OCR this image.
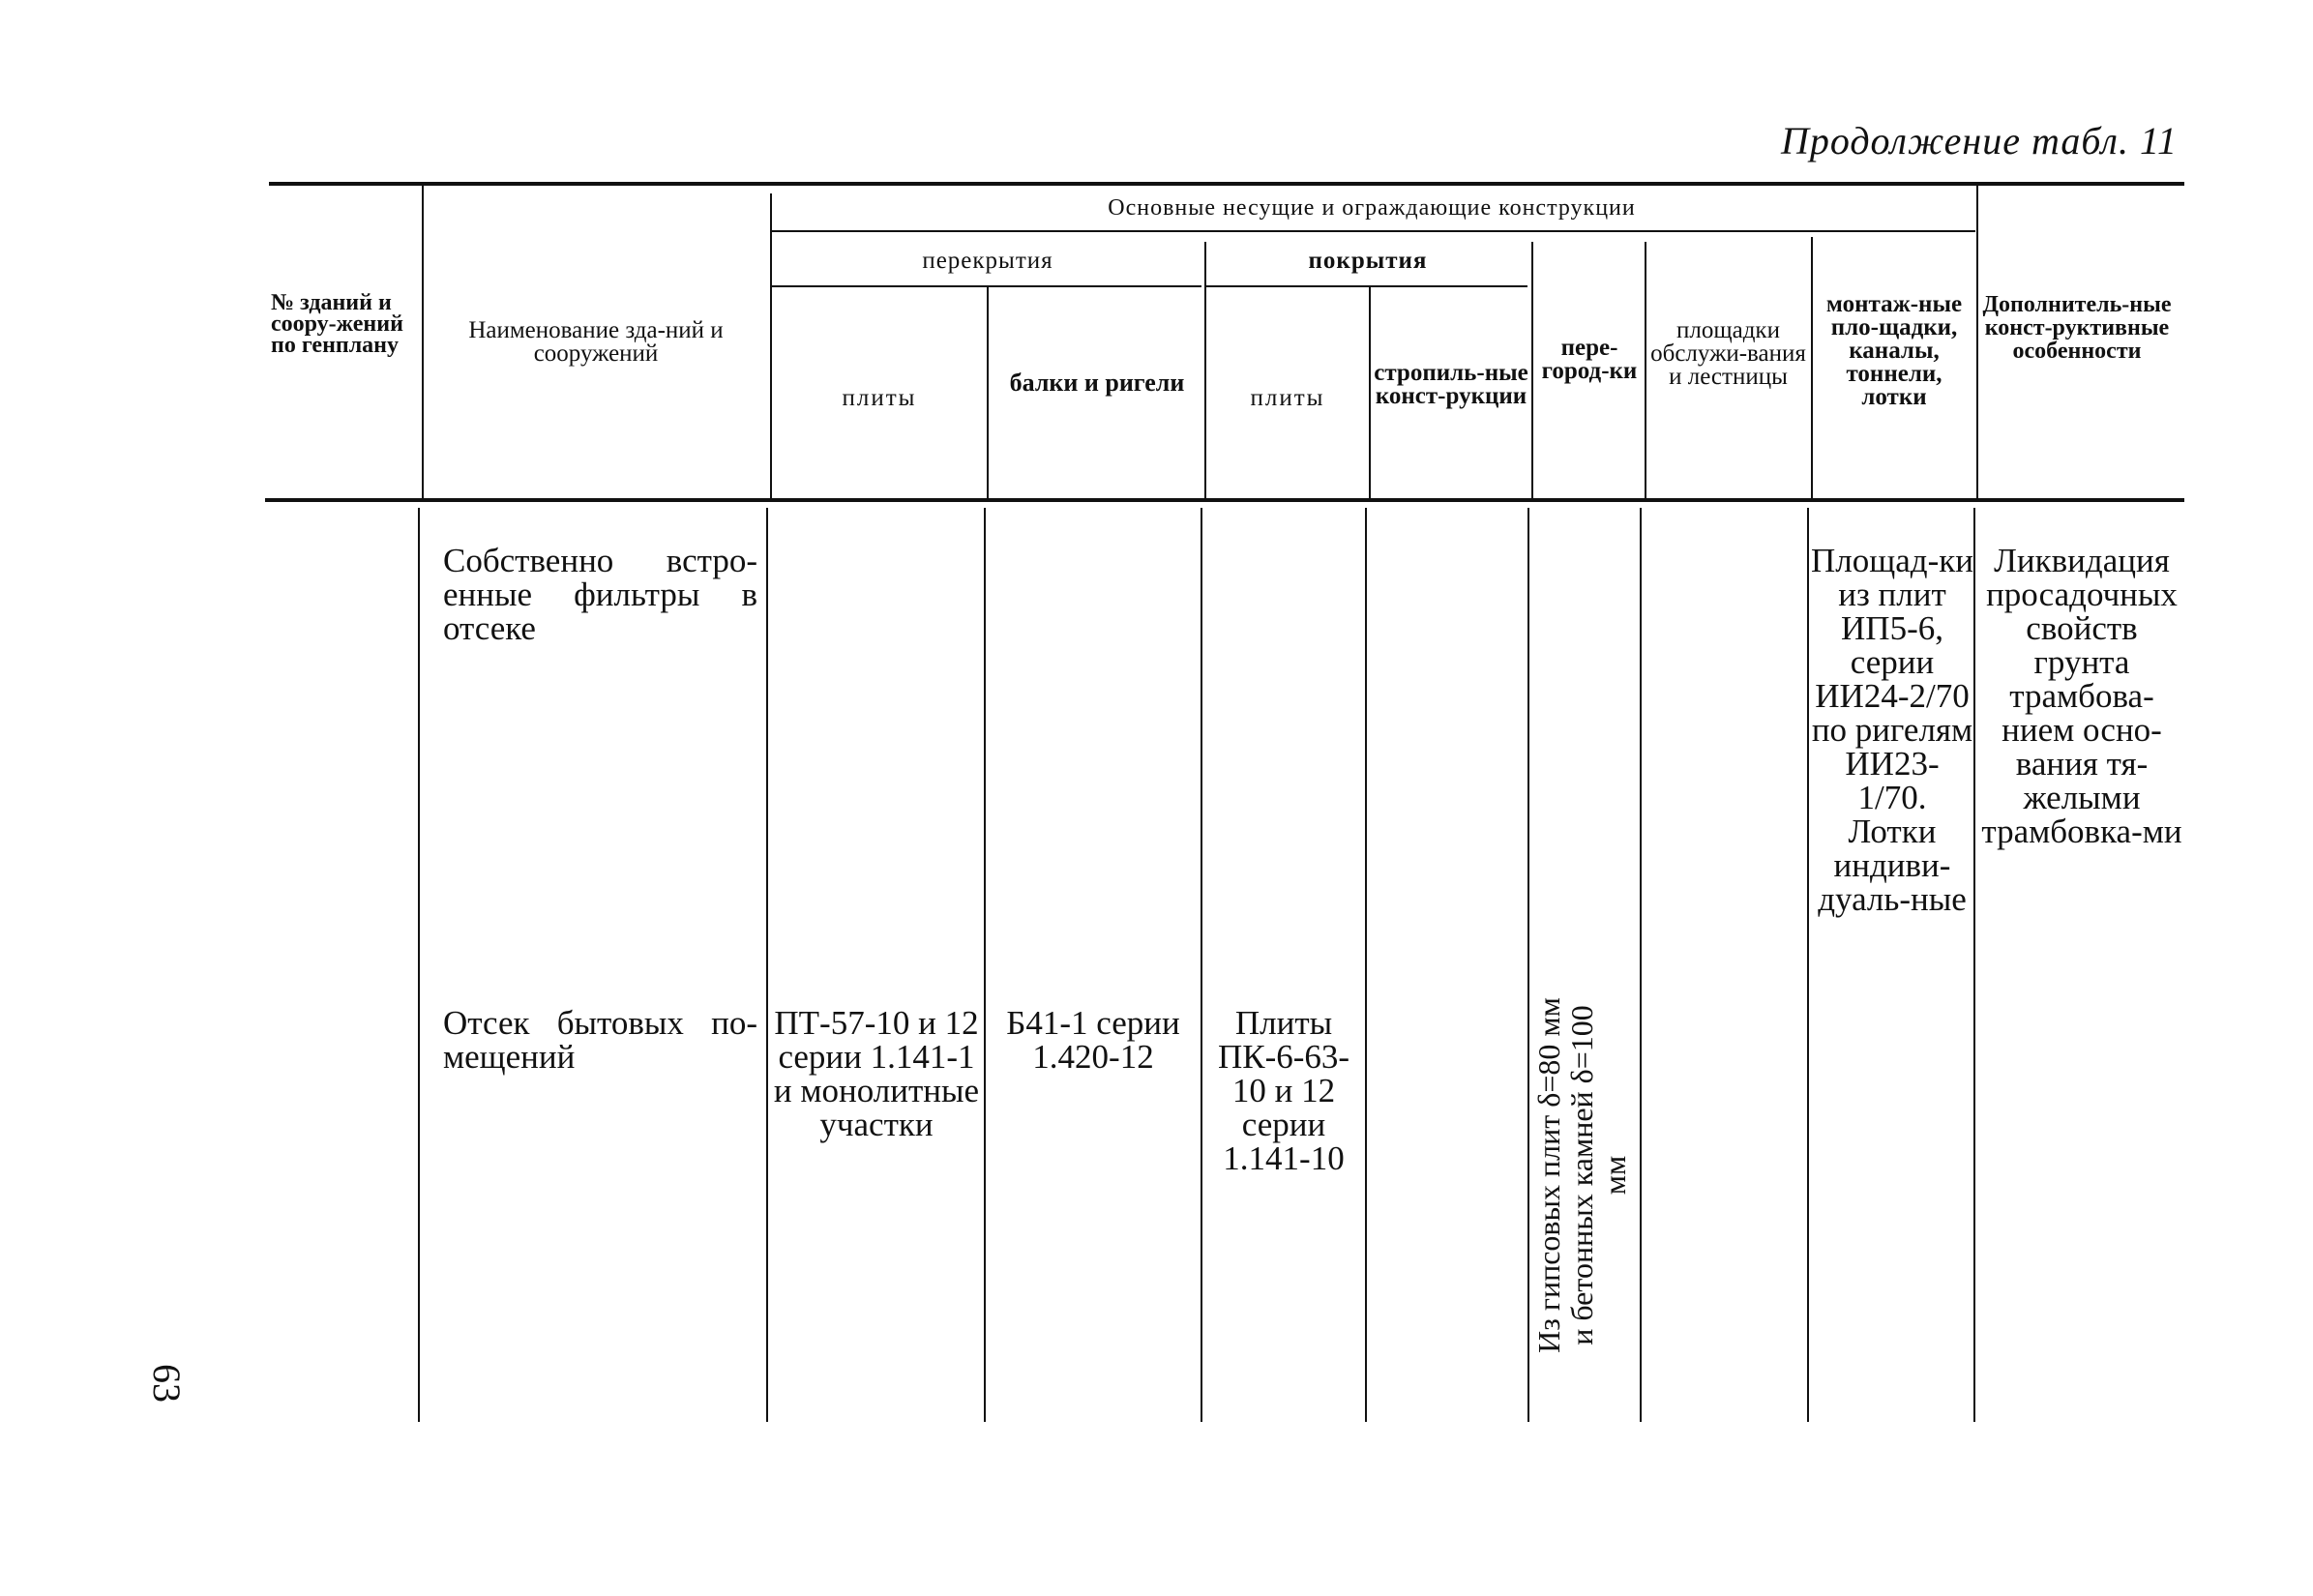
Продолжение табл. 11
№ зданий и соору-жений по генплану
Наименование зда-ний и сооружений
Основные несущие и ограждающие конструкции
перекрытия	покрытия
плиты
балки и ригели
плиты
стропиль-ные конст-рукции
пере-город-ки
площадки обслужи-вания и лестницы
монтаж-ные пло-щадки, каналы, тоннели, лотки
Дополнитель-ные конст-руктивные особенности
Собственно встро-енные фильтры в отсеке
Площад-ки из плит ИП5-6, серии ИИ24-2/70 по ригелям ИИ23-1/70. Лотки индиви-дуаль-ные
Ликвидация просадочных свойств грунта трамбова-нием осно-вания тя-желыми трамбовка-ми
Отсек бытовых по-мещений
ПТ-57-10 и 12 серии 1.141-1 и монолитные участки
Б41-1 серии 1.420-12
Плиты ПК-6-63-10 и 12 серии 1.141-10	Из гипсовых плит δ=80 мм и бетонных камней δ=100 мм
63
